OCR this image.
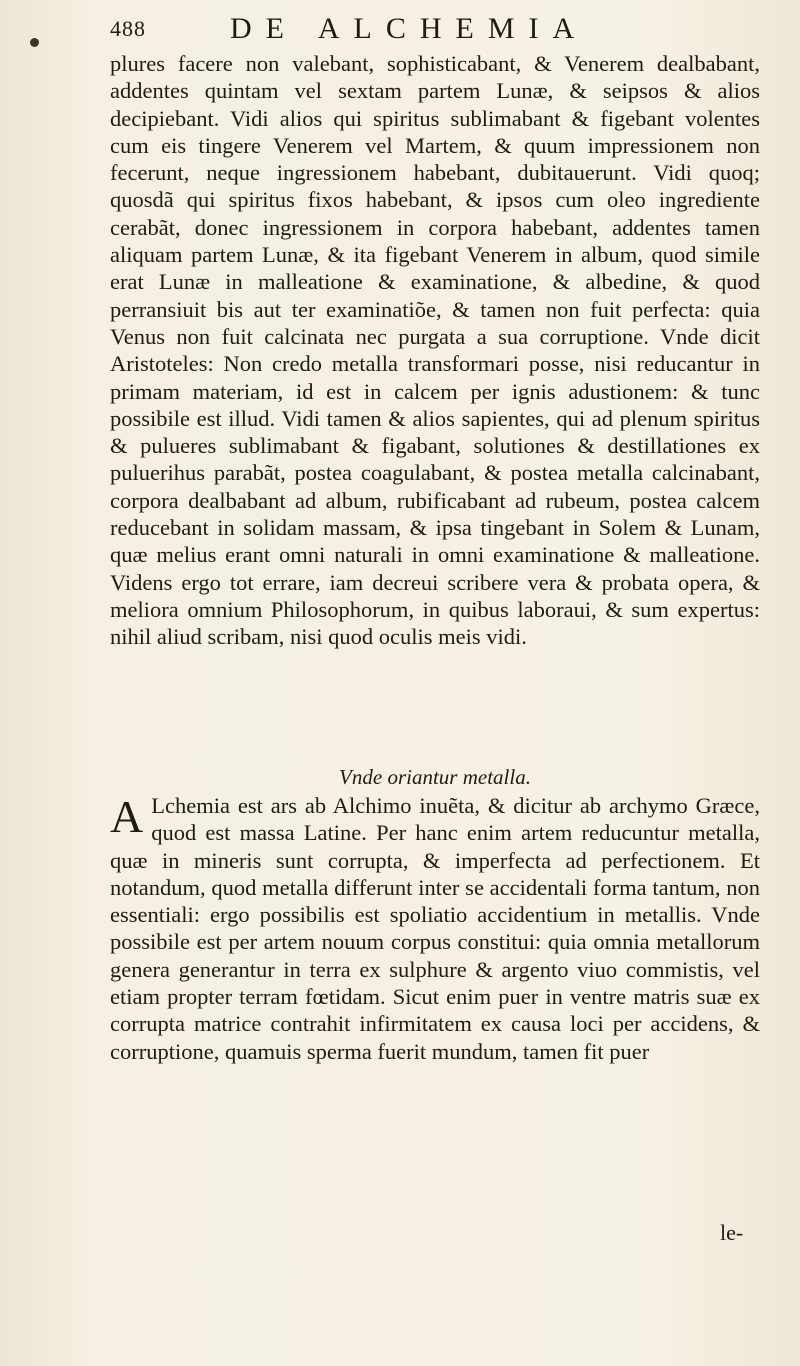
488	DE ALCHEMIA
plures facere non valebant, sophisticabant, & Venerem dealbabant, addentes quintam vel sextam partem Lunæ, & seipsos & alios decipiebant. Vidi alios qui spiritus sublimabant & figebant volentes cum eis tingere Venerem vel Martem, & quum impressionem non fecerunt, neque ingressionem habebant, dubitauerunt. Vidi quoq; quosdã qui spiritus fixos habebant, & ipsos cum oleo ingrediente cerabãt, donec ingressionem in corpora habebant, addentes tamen aliquam partem Lunæ, & ita figebant Venerem in album, quod simile erat Lunæ in malleatione & examinatione, & albedine, & quod perransiuit bis aut ter examinatiõe, & tamen non fuit perfecta: quia Venus non fuit calcinata nec purgata a sua corruptione. Vnde dicit Aristoteles: Non credo metalla transformari posse, nisi reducantur in primam materiam, id est in calcem per ignis adustionem: & tunc possibile est illud. Vidi tamen & alios sapientes, qui ad plenum spiritus & pulueres sublimabant & figabant, solutiones & destillationes ex puluerihus parabãt, postea coagulabant, & postea metalla calcinabant, corpora dealbabant ad album, rubificabant ad rubeum, postea calcem reducebant in solidam massam, & ipsa tingebant in Solem & Lunam, quæ melius erant omni naturali in omni examinatione & malleatione. Videns ergo tot errare, iam decreui scribere vera & probata opera, & meliora omnium Philosophorum, in quibus laboraui, & sum expertus: nihil aliud scribam, nisi quod oculis meis vidi.
Vnde oriantur metalla.
A Lchemia est ars ab Alchimo inuẽta, & dicitur ab archymo Græce, quod est massa Latine. Per hanc enim artem reducuntur metalla, quæ in mineris sunt corrupta, & imperfecta ad perfectionem. Et notandum, quod metalla differunt inter se accidentali forma tantum, non essentiali: ergo possibilis est spoliatio accidentium in metallis. Vnde possibile est per artem nouum corpus constitui: quia omnia metallorum genera generantur in terra ex sulphure & argento viuo commistis, vel etiam propter terram fœtidam. Sicut enim puer in ventre matris suæ ex corrupta matrice contrahit infirmitatem ex causa loci per accidens, & corruptione, quamuis sperma fuerit mundum, tamen fit puer
le-
